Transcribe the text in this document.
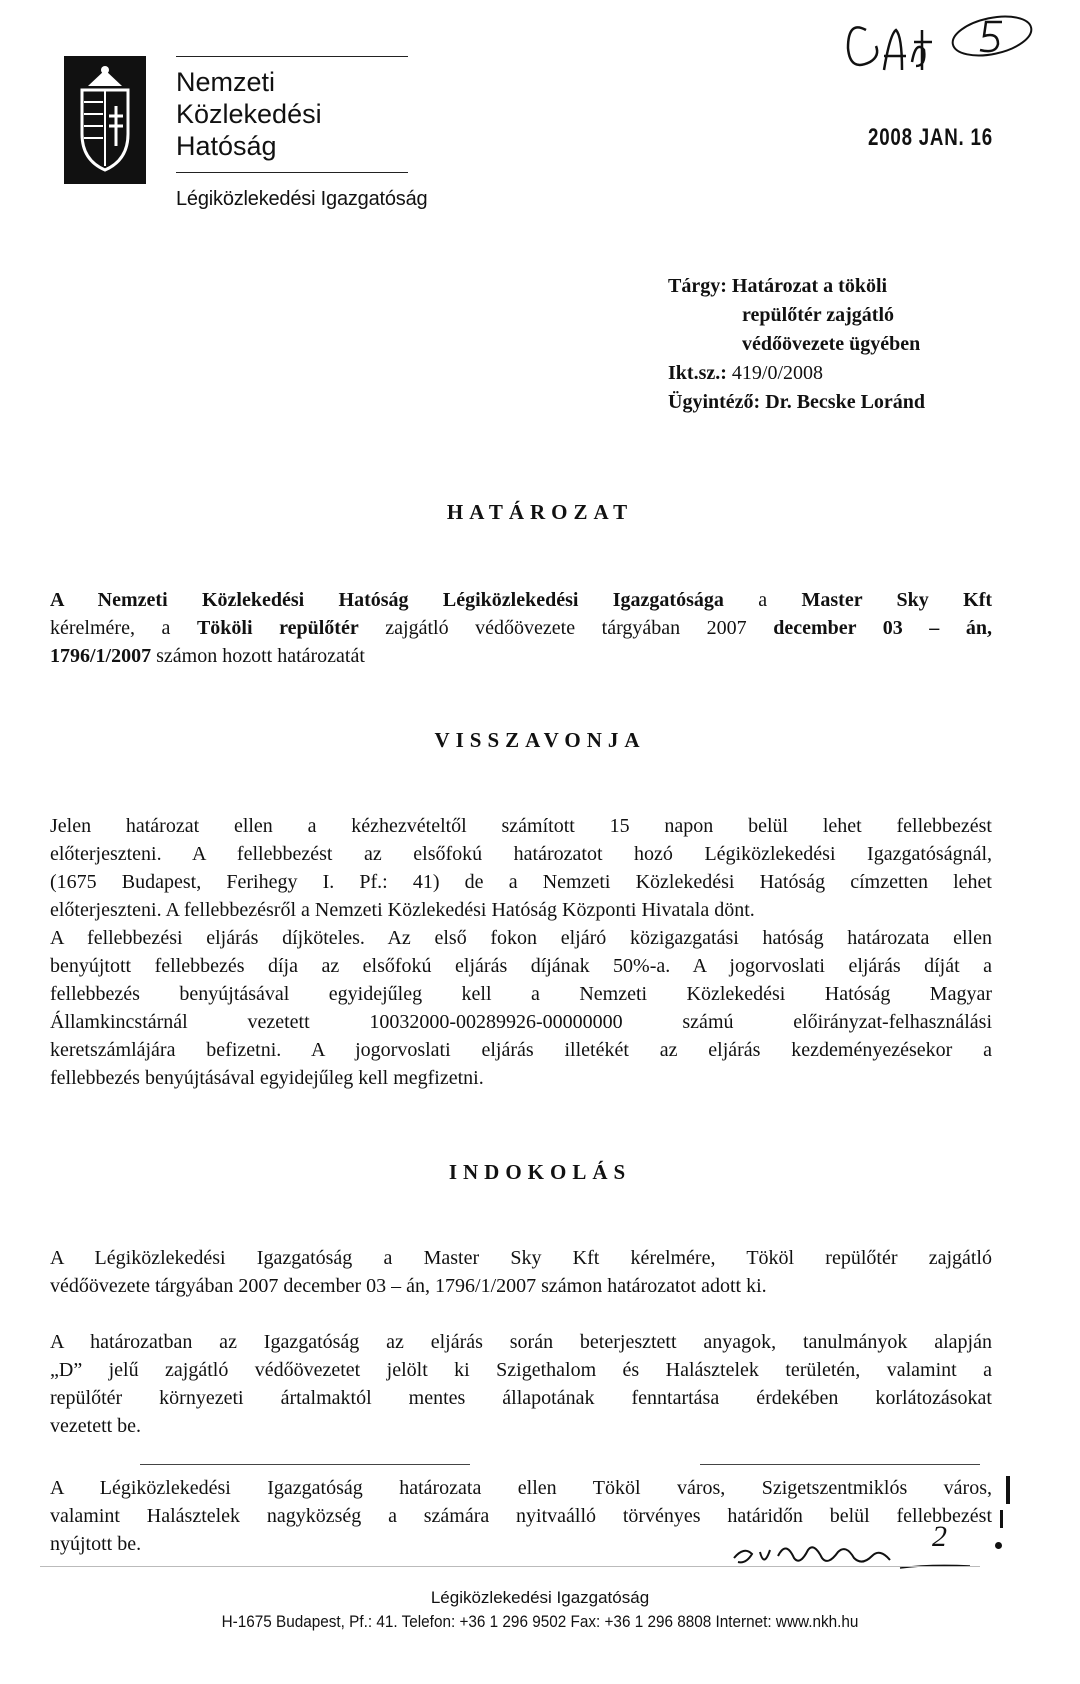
Nemzeti
Közlekedési
Hatóság
Légiközlekedési Igazgatóság
2008 JAN. 16
Tárgy: Határozat a tököli
repülőtér zajgátló
védőövezete ügyében
Ikt.sz.: 419/0/2008
Ügyintéző: Dr. Becske Loránd
HATÁROZAT
A Nemzeti Közlekedési Hatóság Légiközlekedési Igazgatósága a Master Sky Kft
kérelmére, a Tököli repülőtér zajgátló védőövezete tárgyában 2007 december 03 – án,
1796/1/2007 számon hozott határozatát
VISSZAVONJA
Jelen határozat ellen a kézhezvételtől számított 15 napon belül lehet fellebbezést
előterjeszteni. A fellebbezést az elsőfokú határozatot hozó Légiközlekedési Igazgatóságnál,
(1675 Budapest, Ferihegy I. Pf.: 41) de a Nemzeti Közlekedési Hatóság címzetten lehet
előterjeszteni. A fellebbezésről a Nemzeti Közlekedési Hatóság Központi Hivatala dönt.
A fellebbezési eljárás díjköteles. Az első fokon eljáró közigazgatási hatóság határozata ellen
benyújtott fellebbezés díja az elsőfokú eljárás díjának 50%-a. A jogorvoslati eljárás díját a
fellebbezés benyújtásával egyidejűleg kell a Nemzeti Közlekedési Hatóság Magyar
Államkincstárnál vezetett 10032000-00289926-00000000 számú előirányzat-felhasználási
keretszámlájára befizetni. A jogorvoslati eljárás illetékét az eljárás kezdeményezésekor a
fellebbezés benyújtásával egyidejűleg kell megfizetni.
INDOKOLÁS
A Légiközlekedési Igazgatóság a Master Sky Kft kérelmére, Tököl repülőtér zajgátló
védőövezete tárgyában 2007 december 03 – án, 1796/1/2007 számon határozatot adott ki.
A határozatban az Igazgatóság az eljárás során beterjesztett anyagok, tanulmányok alapján
„D” jelű zajgátló védőövezetet jelölt ki Szigethalom és Halásztelek területén, valamint a
repülőtér környezeti ártalmaktól mentes állapotának fenntartása érdekében korlátozásokat
vezetett be.
A Légiközlekedési Igazgatóság határozata ellen Tököl város, Szigetszentmiklós város,
valamint Halásztelek nagyközség a számára nyitvaálló törvényes határidőn belül fellebbezést
nyújtott be.	2
Légiközlekedési Igazgatóság
H-1675 Budapest, Pf.: 41. Telefon: +36 1 296 9502 Fax: +36 1 296 8808 Internet: www.nkh.hu
